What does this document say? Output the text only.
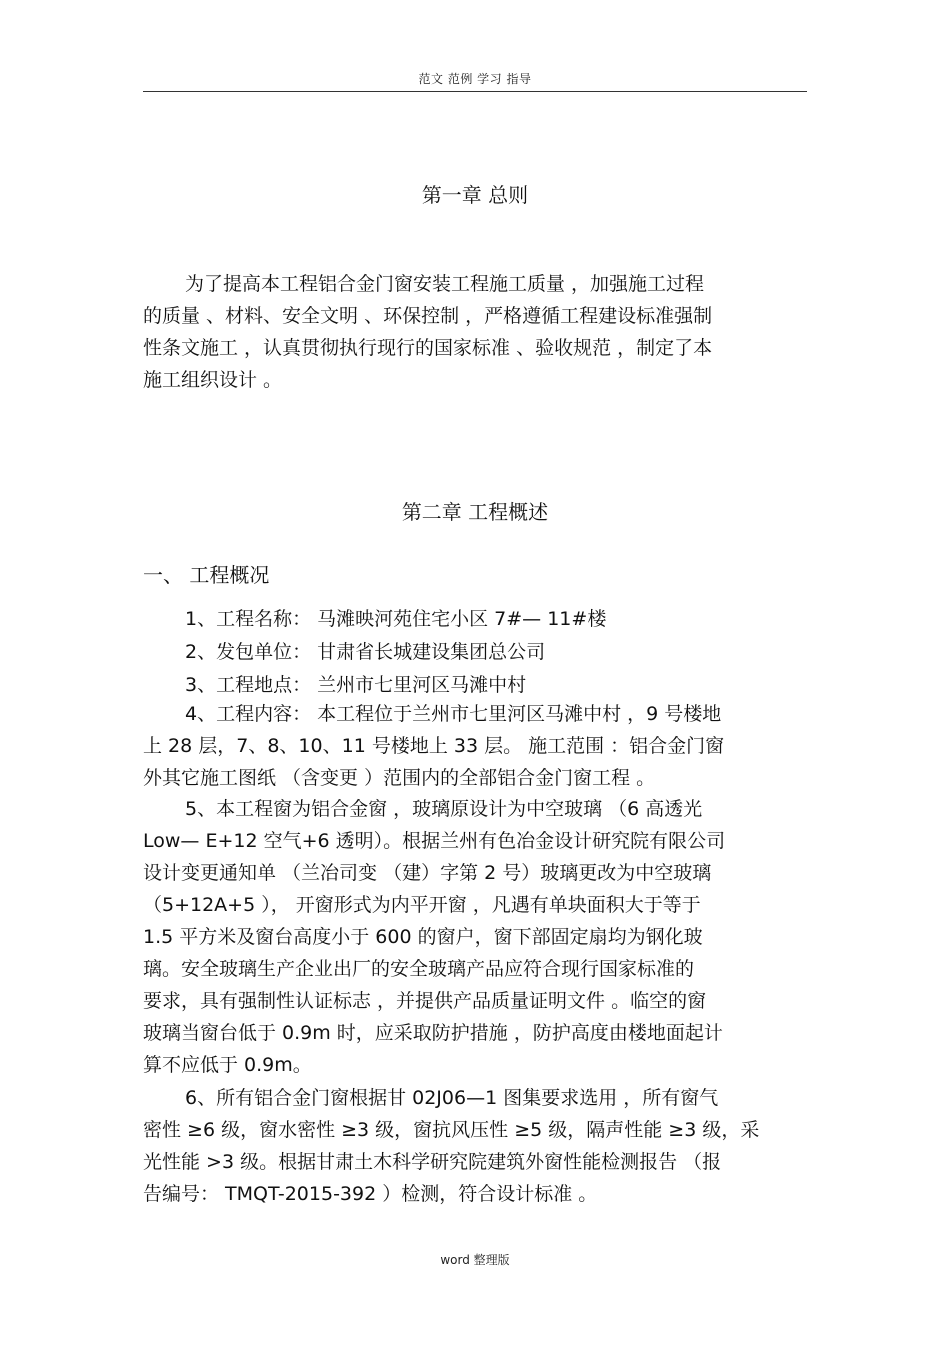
范文 范例 学习 指导
第一章 总则
为了提高本工程铝合金门窗安装工程施工质量 ，加强施工过程
的质量 、材料、安全文明 、环保控制 ，严格遵循工程建设标准强制
性条文施工 ，认真贯彻执行现行的国家标准 、验收规范 ，制定了本
施工组织设计 。
第二章 工程概述
一、 工程概况
1、工程名称： 马滩映河苑住宅小区 7#— 11#楼
2、发包单位： 甘肃省长城建设集团总公司
3、工程地点： 兰州市七里河区马滩中村
4、工程内容： 本工程位于兰州市七里河区马滩中村 ，9 号楼地
上 28 层，7、8、10、11 号楼地上 33 层。 施工范围 ：铝合金门窗
外其它施工图纸 （含变更 ）范围内的全部铝合金门窗工程 。
5、本工程窗为铝合金窗 ，玻璃原设计为中空玻璃 （6 高透光
Low— E+12 空气+6 透明）。根据兰州有色冶金设计研究院有限公司
设计变更通知单 （兰冶司变 （建）字第 2 号）玻璃更改为中空玻璃
（5+12A+5 ）， 开窗形式为内平开窗 ，凡遇有单块面积大于等于
1.5 平方米及窗台高度小于 600 的窗户，窗下部固定扇均为钢化玻
璃。安全玻璃生产企业出厂的安全玻璃产品应符合现行国家标准的
要求，具有强制性认证标志 ，并提供产品质量证明文件 。临空的窗
玻璃当窗台低于 0.9m 时，应采取防护措施 ，防护高度由楼地面起计
算不应低于 0.9m。
6、所有铝合金门窗根据甘 02J06—1 图集要求选用 ，所有窗气
密性 ≥6 级，窗水密性 ≥3 级，窗抗风压性 ≥5 级，隔声性能 ≥3 级，采
光性能 >3 级。根据甘肃土木科学研究院建筑外窗性能检测报告 （报
告编号： TMQT-2015-392 ）检测，符合设计标准 。
word 整理版
